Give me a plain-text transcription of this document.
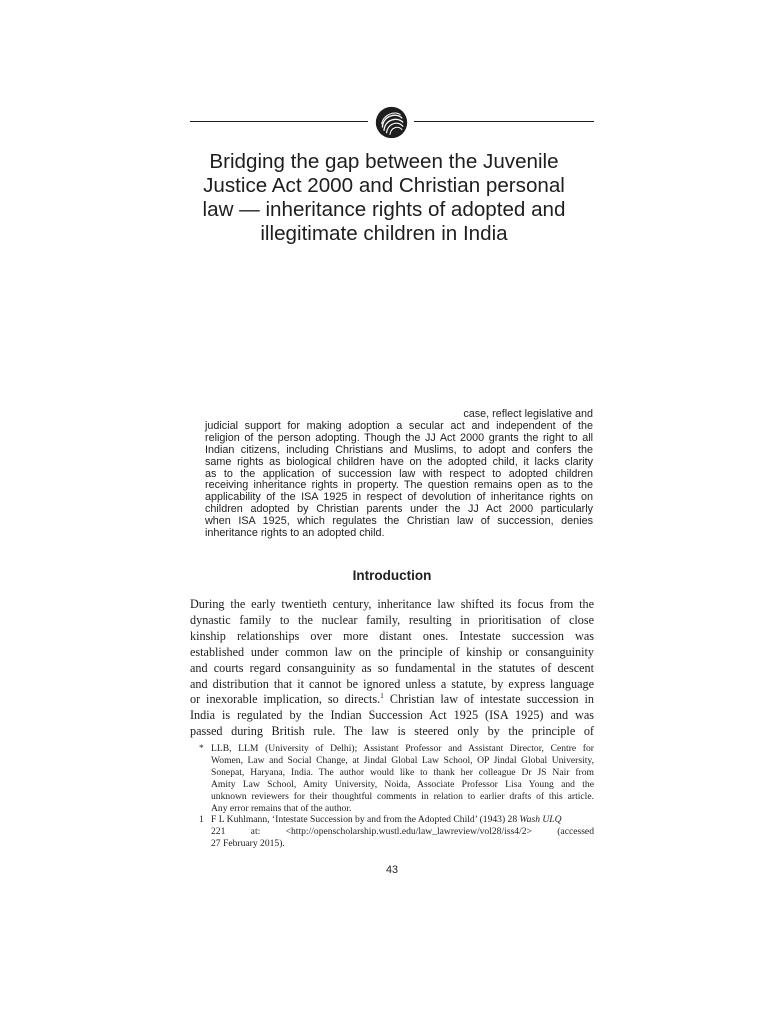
Bridging the gap between the Juvenile
Justice Act 2000 and Christian personal
law — inheritance rights of adopted and
illegitimate children in India
case, reflect legislative and
judicial support for making adoption a secular act and independent of the
religion of the person adopting. Though the JJ Act 2000 grants the right to all
Indian citizens, including Christians and Muslims, to adopt and confers the
same rights as biological children have on the adopted child, it lacks clarity
as to the application of succession law with respect to adopted children
receiving inheritance rights in property. The question remains open as to the
applicability of the ISA 1925 in respect of devolution of inheritance rights on
children adopted by Christian parents under the JJ Act 2000 particularly
when ISA 1925, which regulates the Christian law of succession, denies
inheritance rights to an adopted child.
Introduction
During the early twentieth century, inheritance law shifted its focus from the
dynastic family to the nuclear family, resulting in prioritisation of close
kinship relationships over more distant ones. Intestate succession was
established under common law on the principle of kinship or consanguinity
and courts regard consanguinity as so fundamental in the statutes of descent
and distribution that it cannot be ignored unless a statute, by express language
or inexorable implication, so directs.$^1$ Christian law of intestate succession in
India is regulated by the Indian Succession Act 1925 (ISA 1925) and was
passed during British rule. The law is steered only by the principle of
* LLB, LLM (University of Delhi); Assistant Professor and Assistant Director, Centre for
Women, Law and Social Change, at Jindal Global Law School, OP Jindal Global University,
Sonepat, Haryana, India. The author would like to thank her colleague Dr JS Nair from
Amity Law School, Amity University, Noida, Associate Professor Lisa Young and the
unknown reviewers for their thoughtful comments in relation to earlier drafts of this article.
Any error remains that of the author.
1 F L Kuhlmann, ‘Intestate Succession by and from the Adopted Child’ (1943) 28 Wash ULQ
221      at:      <http://openscholarship.wustl.edu/law_lawreview/vol28/iss4/2>      (accessed
27 February 2015).
43
